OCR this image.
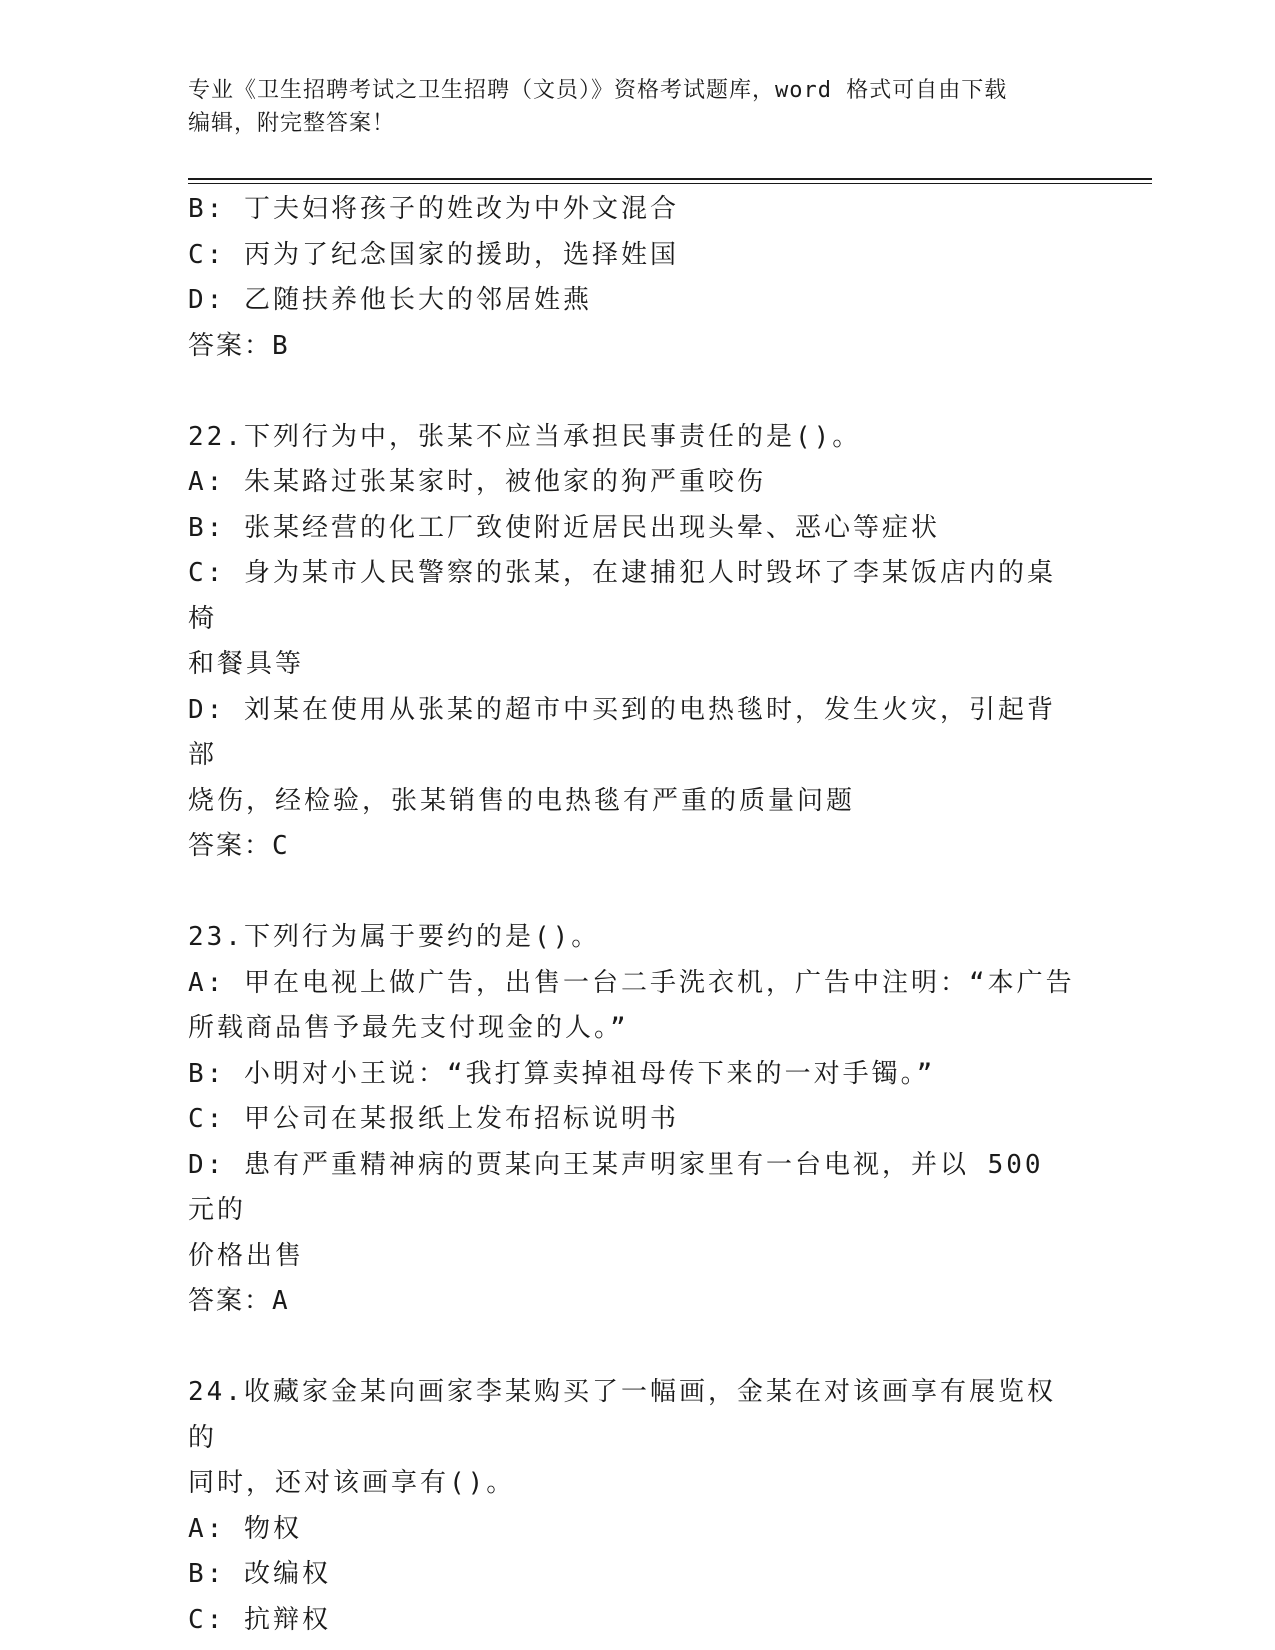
专业《卫生招聘考试之卫生招聘（文员）》资格考试题库，word 格式可自由下载
编辑，附完整答案！
B: 丁夫妇将孩子的姓改为中外文混合
C: 丙为了纪念国家的援助，选择姓国
D: 乙随扶养他长大的邻居姓燕
答案：B
22.下列行为中，张某不应当承担民事责任的是()。
A: 朱某路过张某家时，被他家的狗严重咬伤
B: 张某经营的化工厂致使附近居民出现头晕、恶心等症状
C: 身为某市人民警察的张某，在逮捕犯人时毁坏了李某饭店内的桌椅
和餐具等
D: 刘某在使用从张某的超市中买到的电热毯时，发生火灾，引起背部
烧伤，经检验，张某销售的电热毯有严重的质量问题
答案：C
23.下列行为属于要约的是()。
A: 甲在电视上做广告，出售一台二手洗衣机，广告中注明：“本广告
所载商品售予最先支付现金的人。”
B: 小明对小王说：“我打算卖掉祖母传下来的一对手镯。”
C: 甲公司在某报纸上发布招标说明书
D: 患有严重精神病的贾某向王某声明家里有一台电视，并以 500 元的
价格出售
答案：A
24.收藏家金某向画家李某购买了一幅画，金某在对该画享有展览权的
同时，还对该画享有()。
A: 物权
B: 改编权
C: 抗辩权
